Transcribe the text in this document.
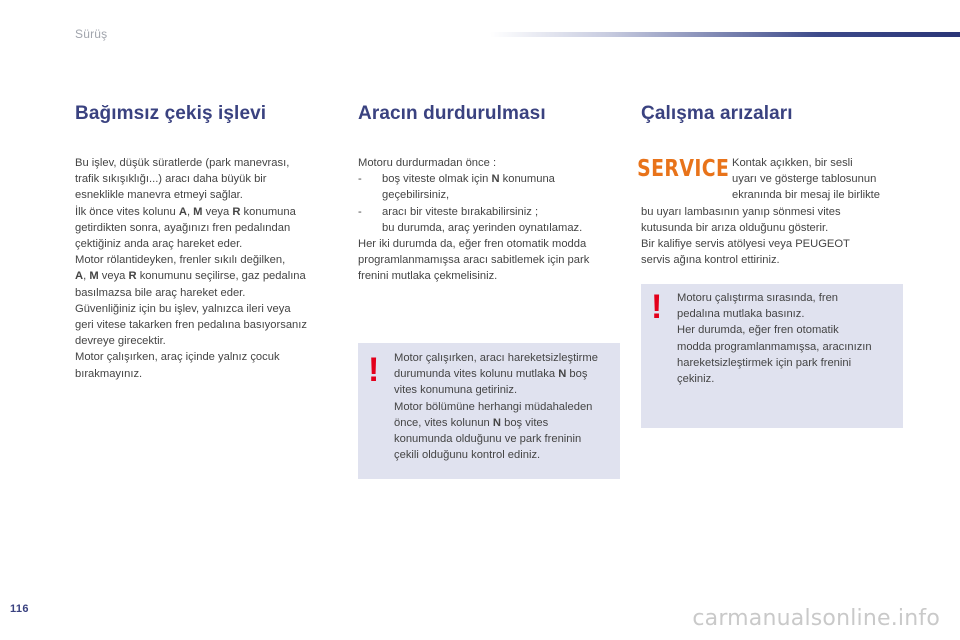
Sürüş
Bağımsız çekiş işlevi

Bu işlev, düşük süratlerde (park manevrası,

trafik sıkışıklığı...) aracı daha büyük bir

esneklikle manevra etmeyi sağlar.

İlk önce vites kolunu A, M veya R konumuna

getirdikten sonra, ayağınızı fren pedalından

çektiğiniz anda araç hareket eder.

Motor rölantideyken, frenler sıkılı değilken,

A, M veya R konumunu seçilirse, gaz pedalına

basılmazsa bile araç hareket eder.

Güvenliğiniz için bu işlev, yalnızca ileri veya

geri vitese takarken fren pedalına basıyorsanız

devreye girecektir.

Motor çalışırken, araç içinde yalnız çocuk

bırakmayınız.

Aracın durdurulması

Motoru durdurmadan önce :

- boş viteste olmak için N konumuna

geçebilirsiniz,

- aracı bir viteste bırakabilirsiniz ;

bu durumda, araç yerinden oynatılamaz.

Her iki durumda da, eğer fren otomatik modda

programlanmamışsa aracı sabitlemek için park

frenini mutlaka çekmelisiniz.

! Motor çalışırken, aracı hareketsizleştirme
durumunda vites kolunu mutlaka N boş
vites konumuna getiriniz.
Motor bölümüne herhangi müdahaleden
önce, vites kolunun N boş vites
konumunda olduğunu ve park freninin
çekili olduğunu kontrol ediniz.
Çalışma arızaları

Kontak açıkken, bir sesli

uyarı ve gösterge tablosunun

ekranında bir mesaj ile birlikte

bu uyarı lambasının yanıp sönmesi vites

kutusunda bir arıza olduğunu gösterir.

Bir kalifiye servis atölyesi veya PEUGEOT

servis ağına kontrol ettiriniz.

SERVICE
! Motoru çalıştırma sırasında, fren
pedalına mutlaka basınız.
Her durumda, eğer fren otomatik
modda programlanmamışsa, aracınızın
hareketsizleştirmek için park frenini
çekiniz.
116	carmanualsonline.info
